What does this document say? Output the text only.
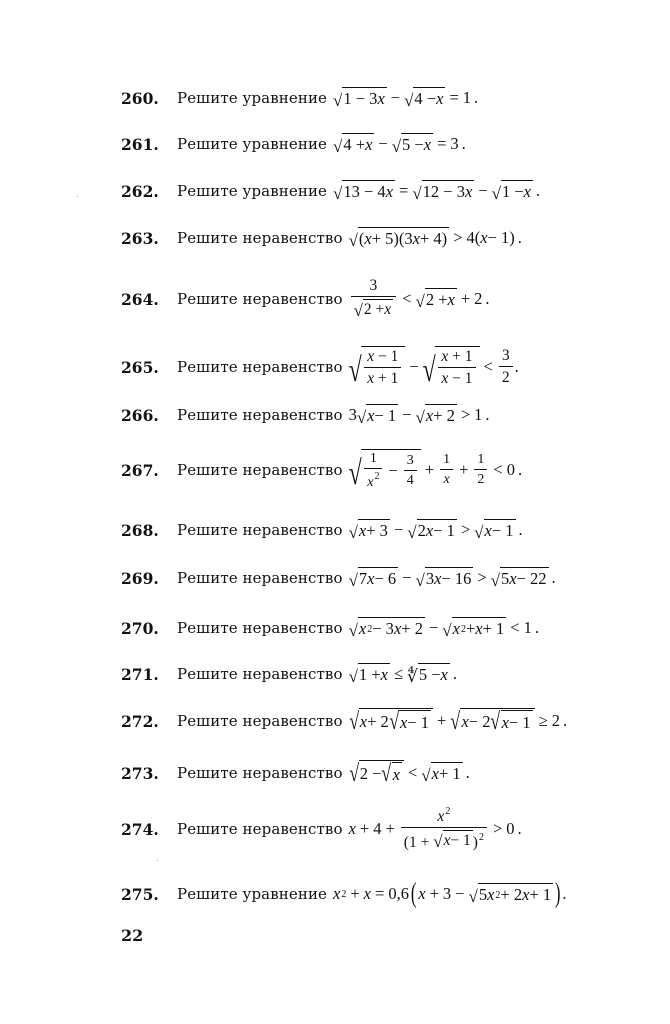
260.	Решите уравнение √ 1 − 3 x − √ 4 − x = 1 .
261.	Решите уравнение √ 4 + x − √ 5 − x = 3 .
262.	Решите уравнение √ 13 − 4 x = √ 12 − 3 x − √ 1 − x .
263.	Решите неравенство √ ( x + 5)(3 x + 4) > 4( x − 1) .
264.	Решите неравенство $\frac{3}{√ 2 + x}$ < √ 2 + x + 2 .
265.	Решите неравенство √ $\frac{x - 1}{x + 1}$ − √ $\frac{x + 1}{x - 1} < \frac{3}{2}$ .
266.	Решите неравенство 3 √ x − 1 − √ x + 2 > 1 .
267.	Решите неравенство √ $\frac{1}{x^2} - \frac{3}{4} + \frac{1}{x} + \frac{1}{2} < 0$ .
268.	Решите неравенство √ x + 3 − √ 2 x − 1 > √ x − 1 .
269.	Решите неравенство √ 7 x − 6 − √ 3 x − 16 > √ 5 x − 22 .
270.	Решите неравенство √ x 2 − 3 x + 2 − √ x 2 + x + 1 < 1 .
271.	Решите неравенство √ 1 + x ≤ ∜ 5 − x .
272.	Решите неравенство √ x + 2 √ x − 1 + √ x − 2 √ x − 1 ≥ 2 .
273.	Решите неравенство √ 2 − √ x < √ x + 1 .
274.	Решите неравенство $x + 4 + \frac{x^2}{(1 + √ x - 1 )^2} > 0$ .
275.	Решите уравнение x 2 + x = 0,6 ( x + 3 − √ 5 x 2 + 2 x + 1 ) .
22
